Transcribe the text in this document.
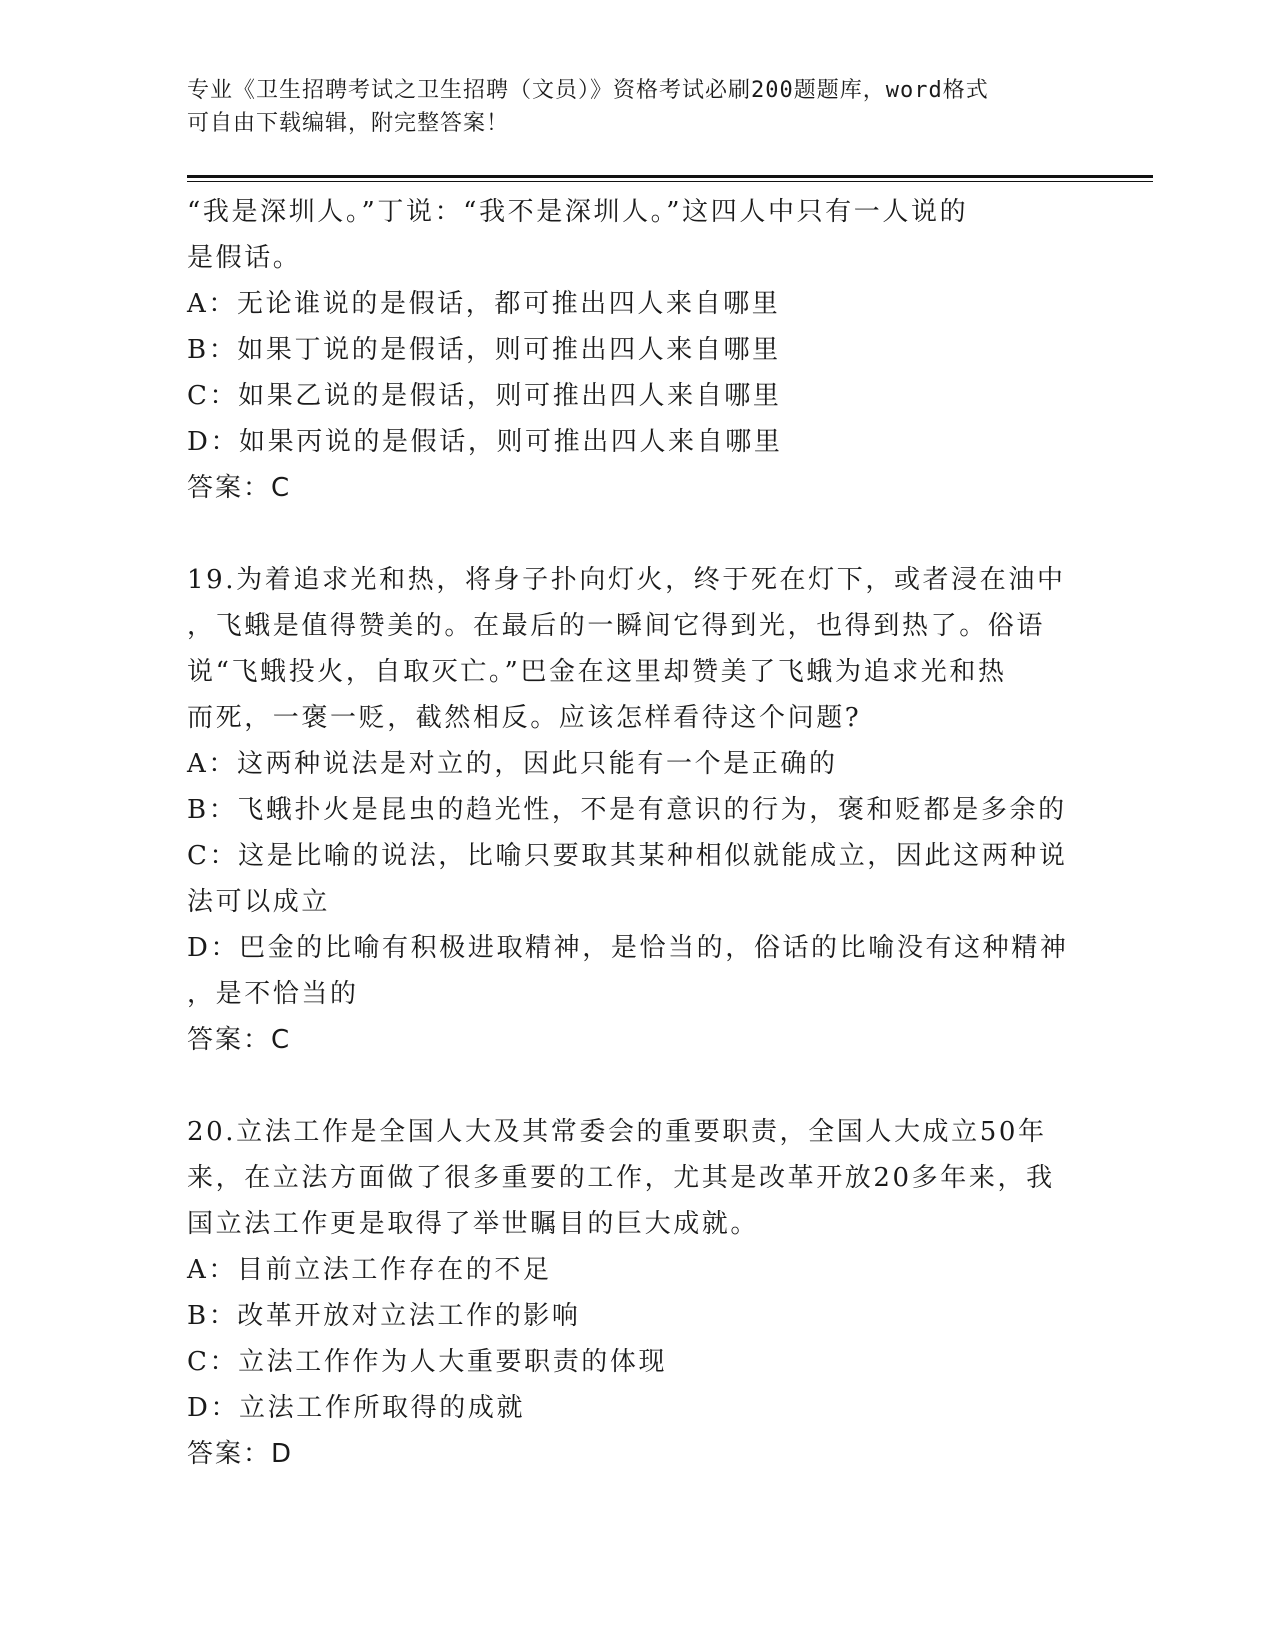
专业《卫生招聘考试之卫生招聘（文员）》资格考试必刷200题题库，word格式
可自由下载编辑，附完整答案！
“我是深圳人。”丁说：“我不是深圳人。”这四人中只有一人说的
是假话。
A：无论谁说的是假话，都可推出四人来自哪里
B：如果丁说的是假话，则可推出四人来自哪里
C：如果乙说的是假话，则可推出四人来自哪里
D：如果丙说的是假话，则可推出四人来自哪里
答案：C
19.为着追求光和热，将身子扑向灯火，终于死在灯下，或者浸在油中
，飞蛾是值得赞美的。在最后的一瞬间它得到光，也得到热了。俗语
说“飞蛾投火，自取灭亡。”巴金在这里却赞美了飞蛾为追求光和热
而死，一褒一贬，截然相反。应该怎样看待这个问题?
A：这两种说法是对立的，因此只能有一个是正确的
B：飞蛾扑火是昆虫的趋光性，不是有意识的行为，褒和贬都是多余的
C：这是比喻的说法，比喻只要取其某种相似就能成立，因此这两种说
法可以成立
D：巴金的比喻有积极进取精神，是恰当的，俗话的比喻没有这种精神
，是不恰当的
答案：C
20.立法工作是全国人大及其常委会的重要职责，全国人大成立50年
来，在立法方面做了很多重要的工作，尤其是改革开放20多年来，我
国立法工作更是取得了举世瞩目的巨大成就。
A：目前立法工作存在的不足
B：改革开放对立法工作的影响
C：立法工作作为人大重要职责的体现
D：立法工作所取得的成就
答案：D
